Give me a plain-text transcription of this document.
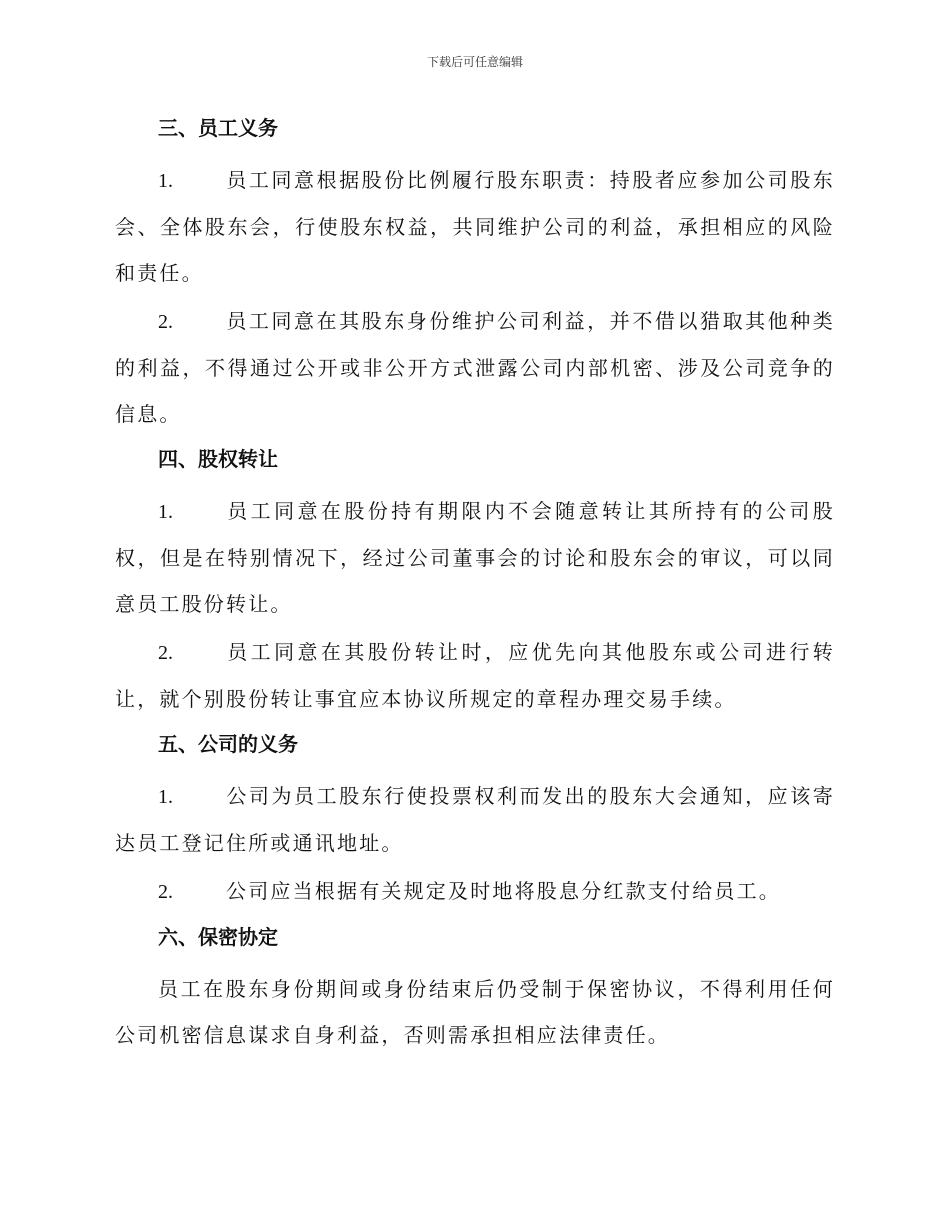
下载后可任意编辑
三、员工义务

1.	员工同意根据股份比例履行股东职责：持股者应参加公司股东会、全体股东会，行使股东权益，共同维护公司的利益，承担相应的风险和责任。

2.	员工同意在其股东身份维护公司利益，并不借以猎取其他种类的利益，不得通过公开或非公开方式泄露公司内部机密、涉及公司竞争的信息。

四、股权转让

1.	员工同意在股份持有期限内不会随意转让其所持有的公司股权，但是在特别情况下，经过公司董事会的讨论和股东会的审议，可以同意员工股份转让。

2.	员工同意在其股份转让时，应优先向其他股东或公司进行转让，就个别股份转让事宜应本协议所规定的章程办理交易手续。

五、公司的义务

1.	公司为员工股东行使投票权利而发出的股东大会通知，应该寄达员工登记住所或通讯地址。

2.	公司应当根据有关规定及时地将股息分红款支付给员工。

六、保密协定

员工在股东身份期间或身份结束后仍受制于保密协议，不得利用任何公司机密信息谋求自身利益，否则需承担相应法律责任。
